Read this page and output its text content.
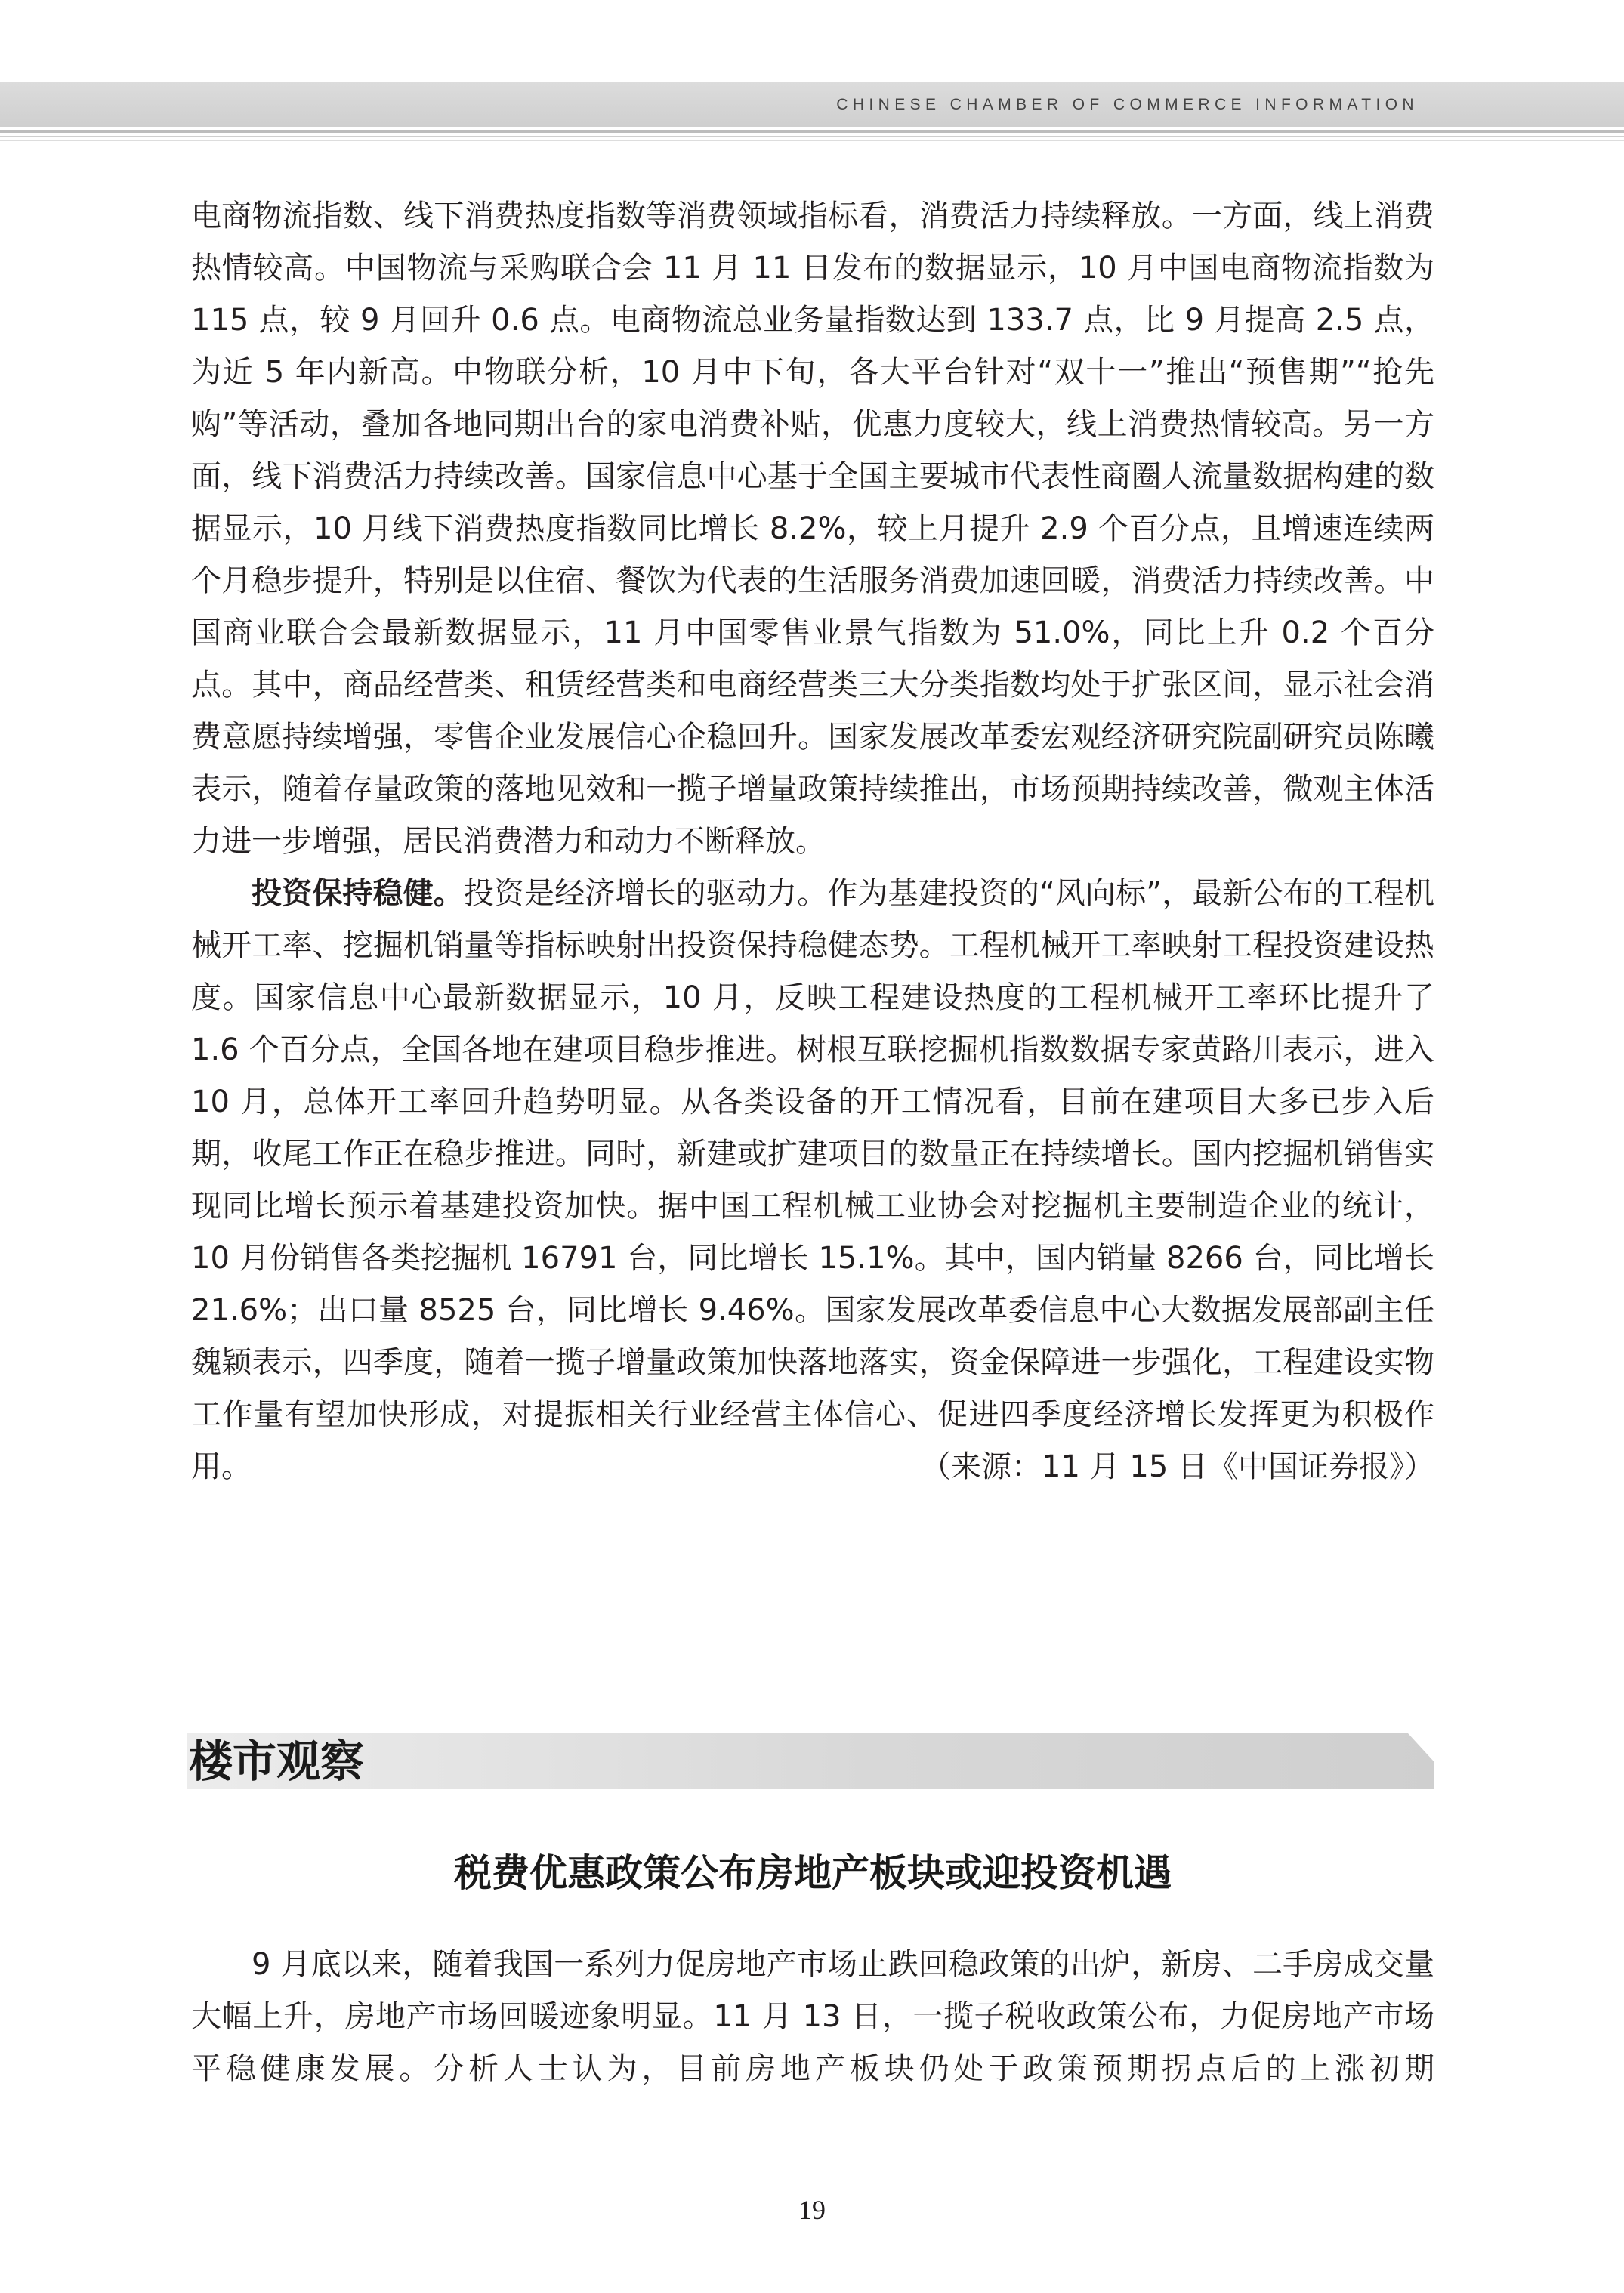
CHINESE CHAMBER OF COMMERCE INFORMATION

电商物流指数、线下消费热度指数等消费领域指标看，消费活力持续释放。一方面，线上消费热情较高。中国物流与采购联合会 11 月 11 日发布的数据显示，10 月中国电商物流指数为 115 点，较 9 月回升 0.6 点。电商物流总业务量指数达到 133.7 点，比 9 月提高 2.5 点，为近 5 年内新高。中物联分析，10 月中下旬，各大平台针对“双十一”推出“预售期”“抢先购”等活动，叠加各地同期出台的家电消费补贴，优惠力度较大，线上消费热情较高。另一方面，线下消费活力持续改善。国家信息中心基于全国主要城市代表性商圈人流量数据构建的数据显示，10 月线下消费热度指数同比增长 8.2%，较上月提升 2.9 个百分点，且增速连续两个月稳步提升，特别是以住宿、餐饮为代表的生活服务消费加速回暖，消费活力持续改善。中国商业联合会最新数据显示，11 月中国零售业景气指数为 51.0%，同比上升 0.2 个百分点。其中，商品经营类、租赁经营类和电商经营类三大分类指数均处于扩张区间，显示社会消费意愿持续增强，零售企业发展信心企稳回升。国家发展改革委宏观经济研究院副研究员陈曦表示，随着存量政策的落地见效和一揽子增量政策持续推出，市场预期持续改善，微观主体活力进一步增强，居民消费潜力和动力不断释放。

投资保持稳健。投资是经济增长的驱动力。作为基建投资的“风向标”，最新公布的工程机械开工率、挖掘机销量等指标映射出投资保持稳健态势。工程机械开工率映射工程投资建设热度。国家信息中心最新数据显示，10 月，反映工程建设热度的工程机械开工率环比提升了 1.6 个百分点，全国各地在建项目稳步推进。树根互联挖掘机指数数据专家黄路川表示，进入 10 月，总体开工率回升趋势明显。从各类设备的开工情况看，目前在建项目大多已步入后期，收尾工作正在稳步推进。同时，新建或扩建项目的数量正在持续增长。国内挖掘机销售实现同比增长预示着基建投资加快。据中国工程机械工业协会对挖掘机主要制造企业的统计，10 月份销售各类挖掘机 16791 台，同比增长 15.1%。其中，国内销量 8266 台，同比增长 21.6%；出口量 8525 台，同比增长 9.46%。国家发展改革委信息中心大数据发展部副主任魏颖表示，四季度，随着一揽子增量政策加快落地落实，资金保障进一步强化，工程建设实物工作量有望加快形成，对提振相关行业经营主体信心、促进四季度经济增长发挥更为积极作用。	（来源：11 月 15 日《中国证券报》）

楼市观察
税费优惠政策公布房地产板块或迎投资机遇

9 月底以来，随着我国一系列力促房地产市场止跌回稳政策的出炉，新房、二手房成交量大幅上升，房地产市场回暖迹象明显。11 月 13 日，一揽子税收政策公布，力促房地产市场平稳健康发展。分析人士认为，目前房地产板块仍处于政策预期拐点后的上涨初期

19
